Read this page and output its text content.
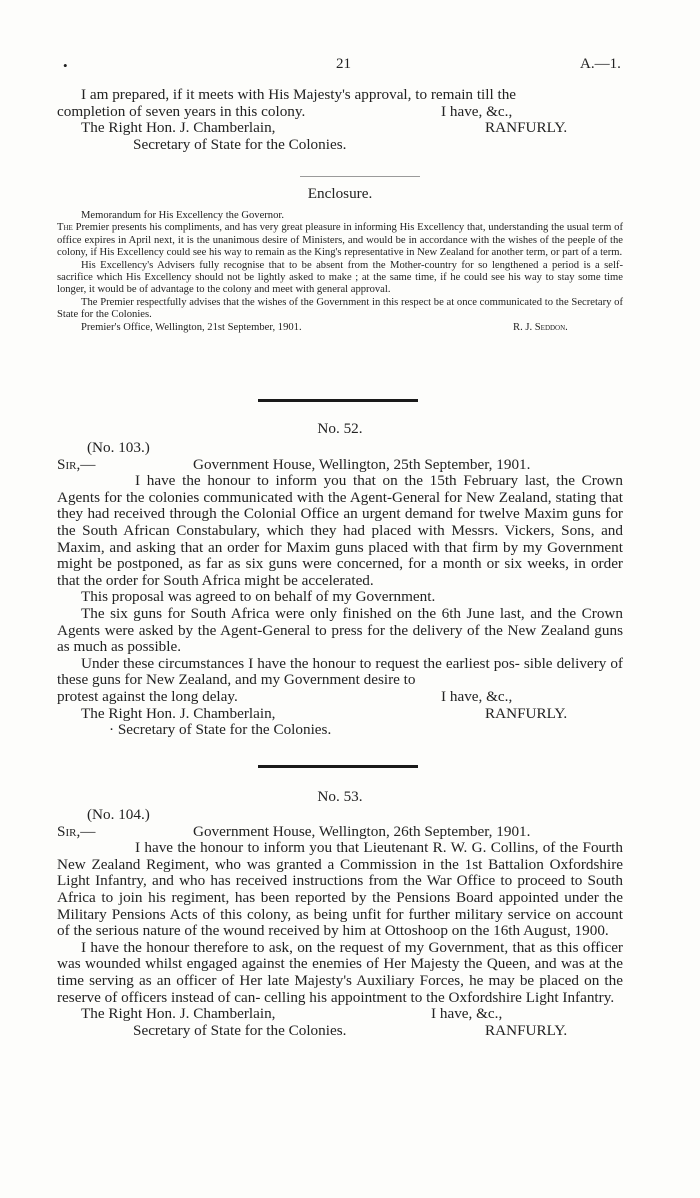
•	21	A.—1.
I am prepared, if it meets with His Majesty's approval, to remain till the
completion of seven years in this colony.	I have, &c.,
The Right Hon. J. Chamberlain,	RANFURLY.
Secretary of State for the Colonies.
Enclosure.

Memorandum for His Excellency the Governor.

The Premier presents his compliments, and has very great pleasure in informing His Excellency that, understanding the usual term of office expires in April next, it is the unanimous desire of Ministers, and would be in accordance with the wishes of the peeple of the colony, if His Excellency could see his way to remain as the King's representative in New Zealand for another term, or part of a term.

His Excellency's Advisers fully recognise that to be absent from the Mother-country for so lengthened a period is a self-sacrifice which His Excellency should not be lightly asked to make ; at the same time, if he could see his way to stay some time longer, it would be of advantage to the colony and meet with general approval.

The Premier respectfully advises that the wishes of the Government in this respect be at once communicated to the Secretary of State for the Colonies.

Premier's Office, Wellington, 21st September, 1901.	R. J. Seddon.
No. 52.
(No. 103.)
Sir,—	Government House, Wellington, 25th September, 1901.

I have the honour to inform you that on the 15th February last, the Crown Agents for the colonies communicated with the Agent-General for New Zealand, stating that they had received through the Colonial Office an urgent demand for twelve Maxim guns for the South African Constabulary, which they had placed with Messrs. Vickers, Sons, and Maxim, and asking that an order for Maxim guns placed with that firm by my Government might be postponed, as far as six guns were concerned, for a month or six weeks, in order that the order for South Africa might be accelerated.

This proposal was agreed to on behalf of my Government.

The six guns for South Africa were only finished on the 6th June last, and the Crown Agents were asked by the Agent-General to press for the delivery of the New Zealand guns as much as possible.

Under these circumstances I have the honour to request the earliest pos- sible delivery of these guns for New Zealand, and my Government desire to

protest against the long delay.	I have, &c.,
The Right Hon. J. Chamberlain,	RANFURLY.
· Secretary of State for the Colonies.
No. 53.
(No. 104.)
Sir,—	Government House, Wellington, 26th September, 1901.

I have the honour to inform you that Lieutenant R. W. G. Collins, of the Fourth New Zealand Regiment, who was granted a Commission in the 1st Battalion Oxfordshire Light Infantry, and who has received instructions from the War Office to proceed to South Africa to join his regiment, has been reported by the Pensions Board appointed under the Military Pensions Acts of this colony, as being unfit for further military service on account of the serious nature of the wound received by him at Ottoshoop on the 16th August, 1900.

I have the honour therefore to ask, on the request of my Government, that as this officer was wounded whilst engaged against the enemies of Her Majesty the Queen, and was at the time serving as an officer of Her late Majesty's Auxiliary Forces, he may be placed on the reserve of officers instead of can- celling his appointment to the Oxfordshire Light Infantry.

The Right Hon. J. Chamberlain,	I have, &c.,
Secretary of State for the Colonies.	RANFURLY.
